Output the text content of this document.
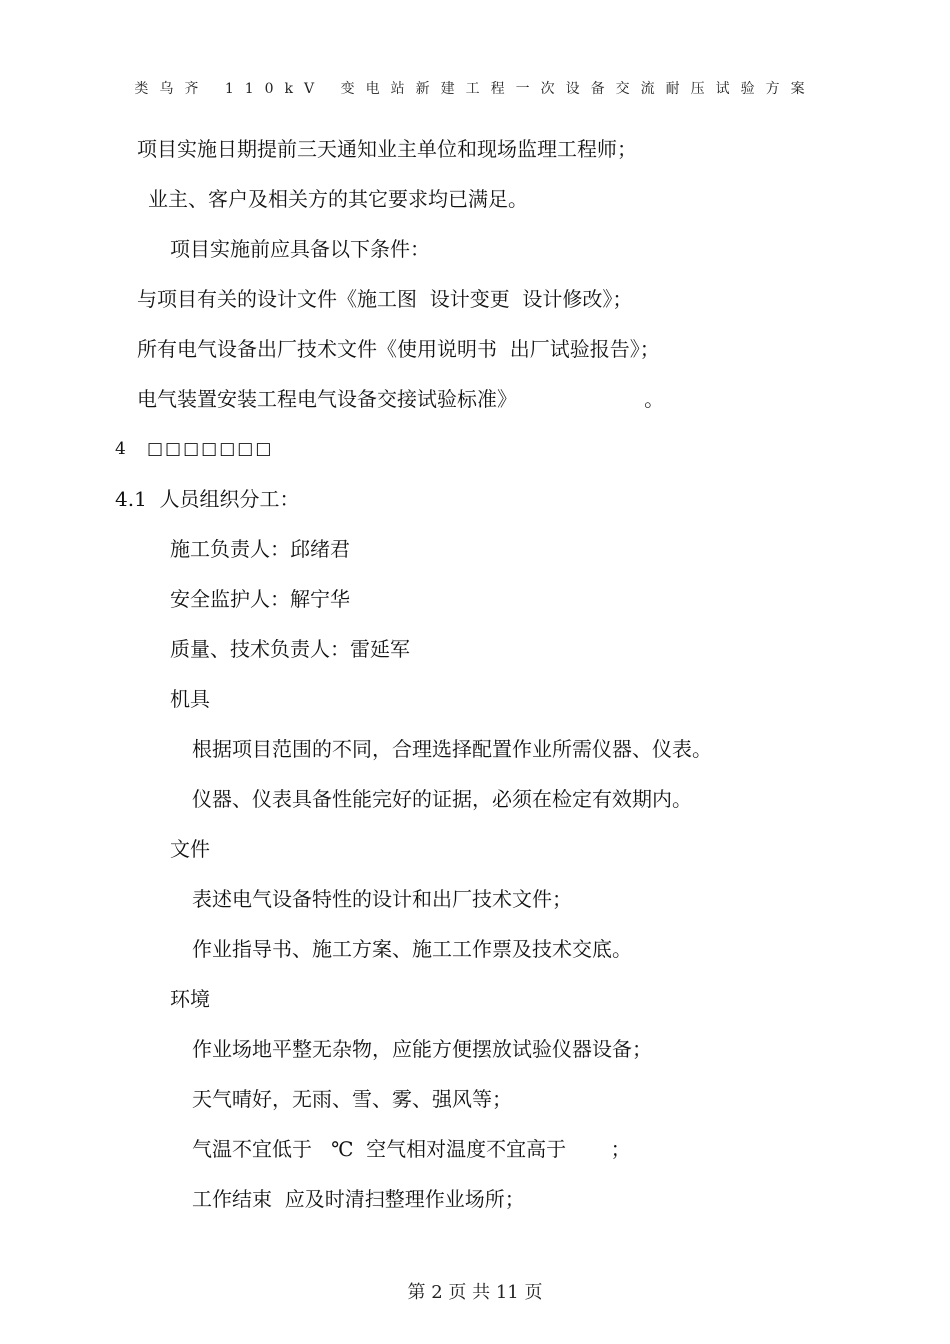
类乌齐 110kV 变电站新建工程一次设备交流耐压试验方案
项目实施日期提前三天通知业主单位和现场监理工程师；
业主、客户及相关方的其它要求均已满足。
项目实施前应具备以下条件：
与项目有关的设计文件《施工图  设计变更  设计修改》；
所有电气设备出厂技术文件《使用说明书  出厂试验报告》；
电气装置安装工程电气设备交接试验标准》                    。
4 □□□□□□□
4.1  人员组织分工：
施工负责人：邱绪君
安全监护人：解宁华
质量、技术负责人：雷延军
机具
根据项目范围的不同，合理选择配置作业所需仪器、仪表。
仪器、仪表具备性能完好的证据，必须在检定有效期内。
文件
表述电气设备特性的设计和出厂技术文件；
作业指导书、施工方案、施工工作票及技术交底。
环境
作业场地平整无杂物，应能方便摆放试验仪器设备；
天气晴好，无雨、雪、雾、强风等；
气温不宜低于   ℃  空气相对温度不宜高于       ；
工作结束  应及时清扫整理作业场所；
第 2 页 共 11 页
